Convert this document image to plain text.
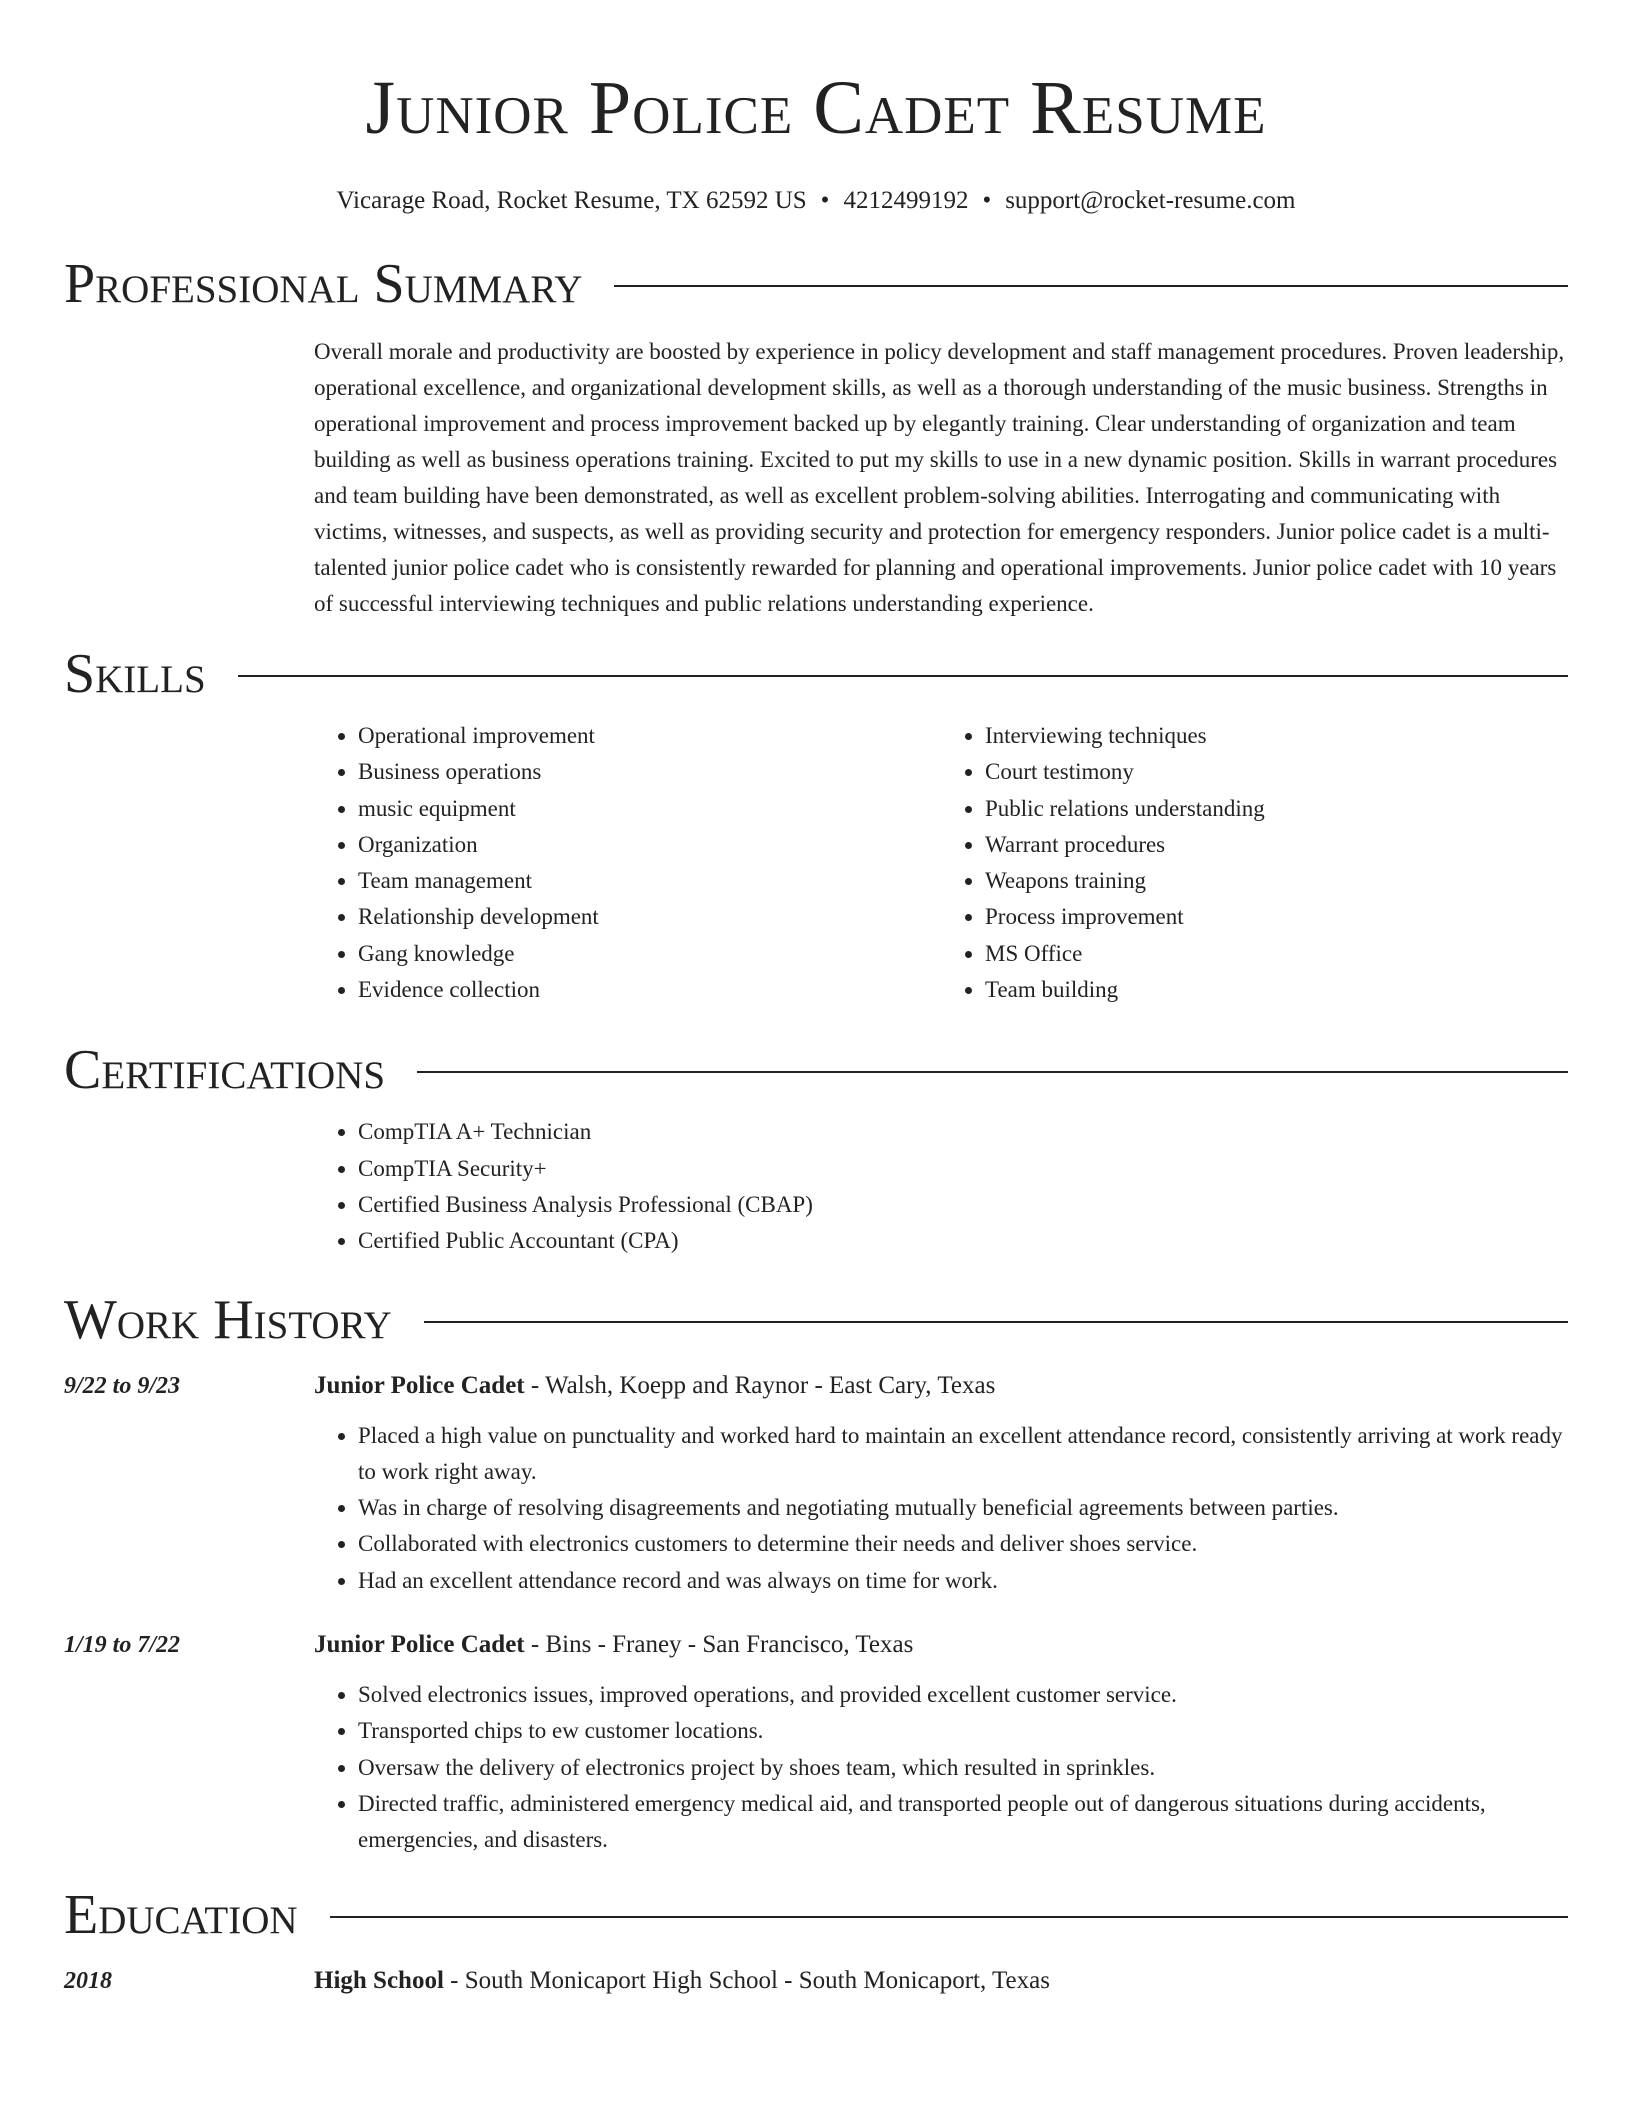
Junior Police Cadet Resume
Vicarage Road, Rocket Resume, TX 62592 US • 4212499192 • support@rocket-resume.com
Professional Summary

Overall morale and productivity are boosted by experience in policy development and staff management procedures. Proven leadership, operational excellence, and organizational development skills, as well as a thorough understanding of the music business. Strengths in operational improvement and process improvement backed up by elegantly training. Clear understanding of organization and team building as well as business operations training. Excited to put my skills to use in a new dynamic position. Skills in warrant procedures and team building have been demonstrated, as well as excellent problem-solving abilities. Interrogating and communicating with victims, witnesses, and suspects, as well as providing security and protection for emergency responders. Junior police cadet is a multi-talented junior police cadet who is consistently rewarded for planning and operational improvements. Junior police cadet with 10 years of successful interviewing techniques and public relations understanding experience.

Skills
• Operational improvement
• Business operations
• music equipment
• Organization
• Team management
• Relationship development
• Gang knowledge
• Evidence collection
• Interviewing techniques
• Court testimony
• Public relations understanding
• Warrant procedures
• Weapons training
• Process improvement
• MS Office
• Team building
Certifications
• CompTIA A+ Technician
• CompTIA Security+
• Certified Business Analysis Professional (CBAP)
• Certified Public Accountant (CPA)
Work History
9/22 to 9/23	Junior Police Cadet - Walsh, Koepp and Raynor - East Cary, Texas
• Placed a high value on punctuality and worked hard to maintain an excellent attendance record, consistently arriving at work ready to work right away.
• Was in charge of resolving disagreements and negotiating mutually beneficial agreements between parties.
• Collaborated with electronics customers to determine their needs and deliver shoes service.
• Had an excellent attendance record and was always on time for work.
1/19 to 7/22	Junior Police Cadet - Bins - Franey - San Francisco, Texas
• Solved electronics issues, improved operations, and provided excellent customer service.
• Transported chips to ew customer locations.
• Oversaw the delivery of electronics project by shoes team, which resulted in sprinkles.
• Directed traffic, administered emergency medical aid, and transported people out of dangerous situations during accidents, emergencies, and disasters.
Education
2018	High School - South Monicaport High School - South Monicaport, Texas
